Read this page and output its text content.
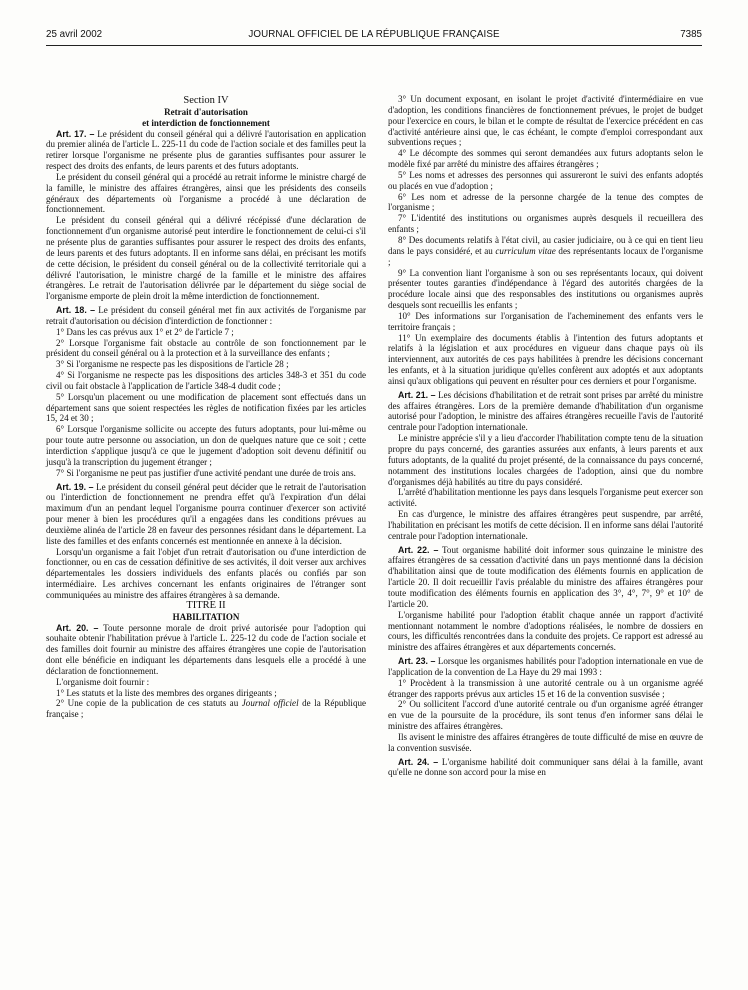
25 avril 2002	JOURNAL OFFICIEL DE LA RÉPUBLIQUE FRANÇAISE	7385

Section IV

Retrait d'autorisation

et interdiction de fonctionnement

Art. 17. – Le président du conseil général qui a délivré l'autorisation en application du premier alinéa de l'article L. 225-11 du code de l'action sociale et des familles peut la retirer lorsque l'organisme ne présente plus de garanties suffisantes pour assurer le respect des droits des enfants, de leurs parents et des futurs adoptants.

Le président du conseil général qui a procédé au retrait informe le ministre chargé de la famille, le ministre des affaires étrangères, ainsi que les présidents des conseils généraux des départements où l'organisme a procédé à une déclaration de fonctionnement.

Le président du conseil général qui a délivré récépissé d'une déclaration de fonctionnement d'un organisme autorisé peut interdire le fonctionnement de celui-ci s'il ne présente plus de garanties suffisantes pour assurer le respect des droits des enfants, de leurs parents et des futurs adoptants. Il en informe sans délai, en précisant les motifs de cette décision, le président du conseil général ou de la collectivité territoriale qui a délivré l'autorisation, le ministre chargé de la famille et le ministre des affaires étrangères. Le retrait de l'autorisation délivrée par le département du siège social de l'organisme emporte de plein droit la même interdiction de fonctionnement.

Art. 18. – Le président du conseil général met fin aux activités de l'organisme par retrait d'autorisation ou décision d'interdiction de fonctionner :

1° Dans les cas prévus aux 1° et 2° de l'article 7 ;

2° Lorsque l'organisme fait obstacle au contrôle de son fonctionnement par le président du conseil général ou à la protection et à la surveillance des enfants ;

3° Si l'organisme ne respecte pas les dispositions de l'article 28 ;

4° Si l'organisme ne respecte pas les dispositions des articles 348-3 et 351 du code civil ou fait obstacle à l'application de l'article 348-4 dudit code ;

5° Lorsqu'un placement ou une modification de placement sont effectués dans un département sans que soient respectées les règles de notification fixées par les articles 15, 24 et 30 ;

6° Lorsque l'organisme sollicite ou accepte des futurs adoptants, pour lui-même ou pour toute autre personne ou association, un don de quelques nature que ce soit ; cette interdiction s'applique jusqu'à ce que le jugement d'adoption soit devenu définitif ou jusqu'à la transcription du jugement étranger ;

7° Si l'organisme ne peut pas justifier d'une activité pendant une durée de trois ans.

Art. 19. – Le président du conseil général peut décider que le retrait de l'autorisation ou l'interdiction de fonctionnement ne prendra effet qu'à l'expiration d'un délai maximum d'un an pendant lequel l'organisme pourra continuer d'exercer son activité pour mener à bien les procédures qu'il a engagées dans les conditions prévues au deuxième alinéa de l'article 28 en faveur des personnes résidant dans le département. La liste des familles et des enfants concernés est mentionnée en annexe à la décision.

Lorsqu'un organisme a fait l'objet d'un retrait d'autorisation ou d'une interdiction de fonctionner, ou en cas de cessation définitive de ses activités, il doit verser aux archives départementales les dossiers individuels des enfants placés ou confiés par son intermédiaire. Les archives concernant les enfants originaires de l'étranger sont communiquées au ministre des affaires étrangères à sa demande.

TITRE II

HABILITATION

Art. 20. – Toute personne morale de droit privé autorisée pour l'adoption qui souhaite obtenir l'habilitation prévue à l'article L. 225-12 du code de l'action sociale et des familles doit fournir au ministre des affaires étrangères une copie de l'autorisation dont elle bénéficie en indiquant les départements dans lesquels elle a procédé à une déclaration de fonctionnement.

L'organisme doit fournir :

1° Les statuts et la liste des membres des organes dirigeants ;

2° Une copie de la publication de ces statuts au Journal officiel de la République française ;

3° Un document exposant, en isolant le projet d'activité d'intermédiaire en vue d'adoption, les conditions financières de fonctionnement prévues, le projet de budget pour l'exercice en cours, le bilan et le compte de résultat de l'exercice précédent en cas d'activité antérieure ainsi que, le cas échéant, le compte d'emploi correspondant aux subventions reçues ;

4° Le décompte des sommes qui seront demandées aux futurs adoptants selon le modèle fixé par arrêté du ministre des affaires étrangères ;

5° Les noms et adresses des personnes qui assureront le suivi des enfants adoptés ou placés en vue d'adoption ;

6° Les nom et adresse de la personne chargée de la tenue des comptes de l'organisme ;

7° L'identité des institutions ou organismes auprès desquels il recueillera des enfants ;

8° Des documents relatifs à l'état civil, au casier judiciaire, ou à ce qui en tient lieu dans le pays considéré, et au curriculum vitae des représentants locaux de l'organisme ;

9° La convention liant l'organisme à son ou ses représentants locaux, qui doivent présenter toutes garanties d'indépendance à l'égard des autorités chargées de la procédure locale ainsi que des responsables des institutions ou organismes auprès desquels sont recueillis les enfants ;

10° Des informations sur l'organisation de l'acheminement des enfants vers le territoire français ;

11° Un exemplaire des documents établis à l'intention des futurs adoptants et relatifs à la législation et aux procédures en vigueur dans chaque pays où ils interviennent, aux autorités de ces pays habilitées à prendre les décisions concernant les enfants, et à la situation juridique qu'elles confèrent aux adoptés et aux adoptants ainsi qu'aux obligations qui peuvent en résulter pour ces derniers et pour l'organisme.

Art. 21. – Les décisions d'habilitation et de retrait sont prises par arrêté du ministre des affaires étrangères. Lors de la première demande d'habilitation d'un organisme autorisé pour l'adoption, le ministre des affaires étrangères recueille l'avis de l'autorité centrale pour l'adoption internationale.

Le ministre apprécie s'il y a lieu d'accorder l'habilitation compte tenu de la situation propre du pays concerné, des garanties assurées aux enfants, à leurs parents et aux futurs adoptants, de la qualité du projet présenté, de la connaissance du pays concerné, notamment des institutions locales chargées de l'adoption, ainsi que du nombre d'organismes déjà habilités au titre du pays considéré.

L'arrêté d'habilitation mentionne les pays dans lesquels l'organisme peut exercer son activité.

En cas d'urgence, le ministre des affaires étrangères peut suspendre, par arrêté, l'habilitation en précisant les motifs de cette décision. Il en informe sans délai l'autorité centrale pour l'adoption internationale.

Art. 22. – Tout organisme habilité doit informer sous quinzaine le ministre des affaires étrangères de sa cessation d'activité dans un pays mentionné dans la décision d'habilitation ainsi que de toute modification des éléments fournis en application de l'article 20. Il doit recueillir l'avis préalable du ministre des affaires étrangères pour toute modification des éléments fournis en application des 3°, 4°, 7°, 9° et 10° de l'article 20.

L'organisme habilité pour l'adoption établit chaque année un rapport d'activité mentionnant notamment le nombre d'adoptions réalisées, le nombre de dossiers en cours, les difficultés rencontrées dans la conduite des projets. Ce rapport est adressé au ministre des affaires étrangères et aux départements concernés.

Art. 23. – Lorsque les organismes habilités pour l'adoption internationale en vue de l'application de la convention de La Haye du 29 mai 1993 :

1° Procèdent à la transmission à une autorité centrale ou à un organisme agréé étranger des rapports prévus aux articles 15 et 16 de la convention susvisée ;

2° Ou sollicitent l'accord d'une autorité centrale ou d'un organisme agréé étranger en vue de la poursuite de la procédure, ils sont tenus d'en informer sans délai le ministre des affaires étrangères.

Ils avisent le ministre des affaires étrangères de toute difficulté de mise en œuvre de la convention susvisée.

Art. 24. – L'organisme habilité doit communiquer sans délai à la famille, avant qu'elle ne donne son accord pour la mise en
